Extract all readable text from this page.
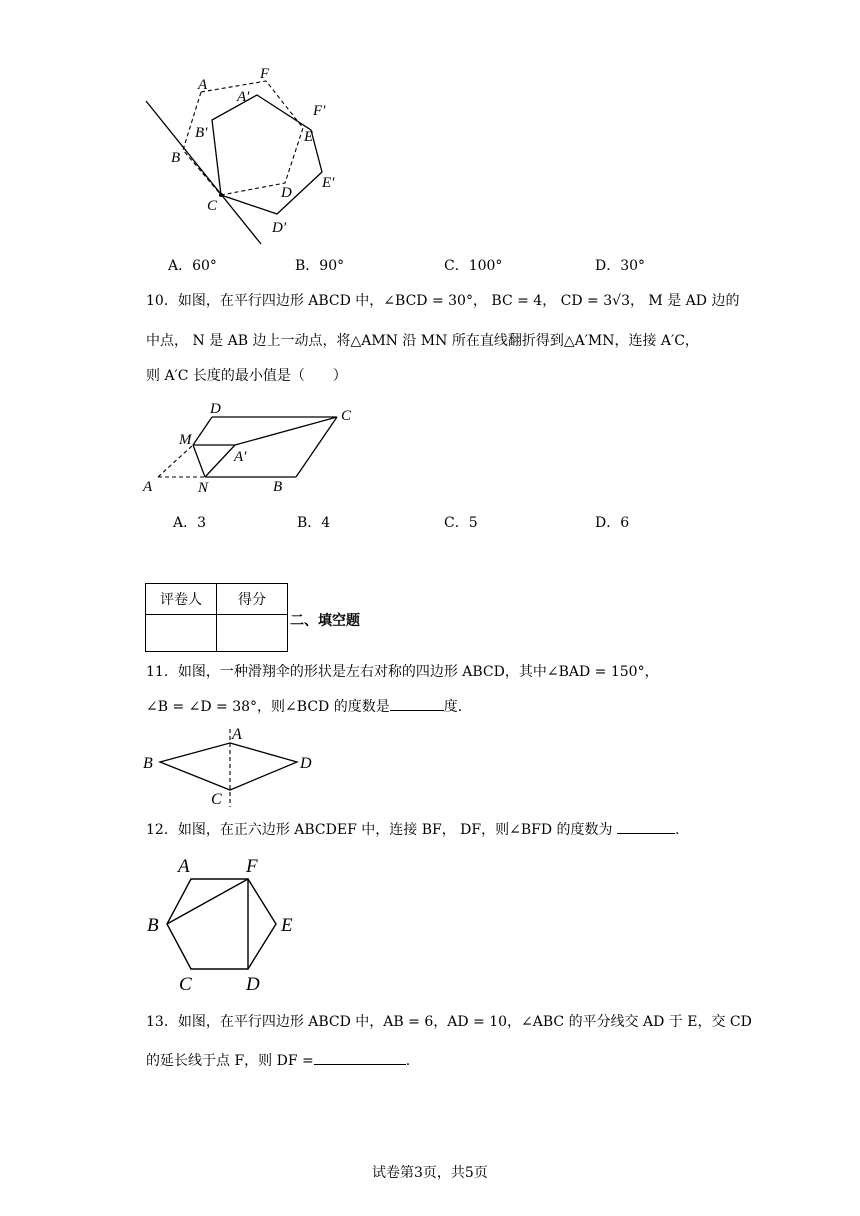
A
F
A′
F′
B′	E
B
D
E′
C
D′
A．60°	B．90°	C．100°	D．30°
10．如图，在平行四边形 ABCD 中，∠BCD = 30°， BC = 4， CD = 3√3， M 是 AD 边的
中点， N 是 AB 边上一动点，将△AMN 沿 MN 所在直线翻折得到△A′MN，连接 A′C，
则 A′C 长度的最小值是（　　）
D	C
M
A′
A	N	B
A．3	B．4	C．5	D．6
评卷人	得分

二、填空题
11．如图，一种滑翔伞的形状是左右对称的四边形 ABCD，其中∠BAD = 150°，
∠B = ∠D = 38°，则∠BCD 的度数是	度.
A
B	D
C
12．如图，在正六边形 ABCDEF 中，连接 BF， DF，则∠BFD 的度数为	.
A	F
B	E
C	D
13．如图，在平行四边形 ABCD 中，AB = 6，AD = 10，∠ABC 的平分线交 AD 于 E，交 CD
的延长线于点 F，则 DF =	.
试卷第3页，共5页
